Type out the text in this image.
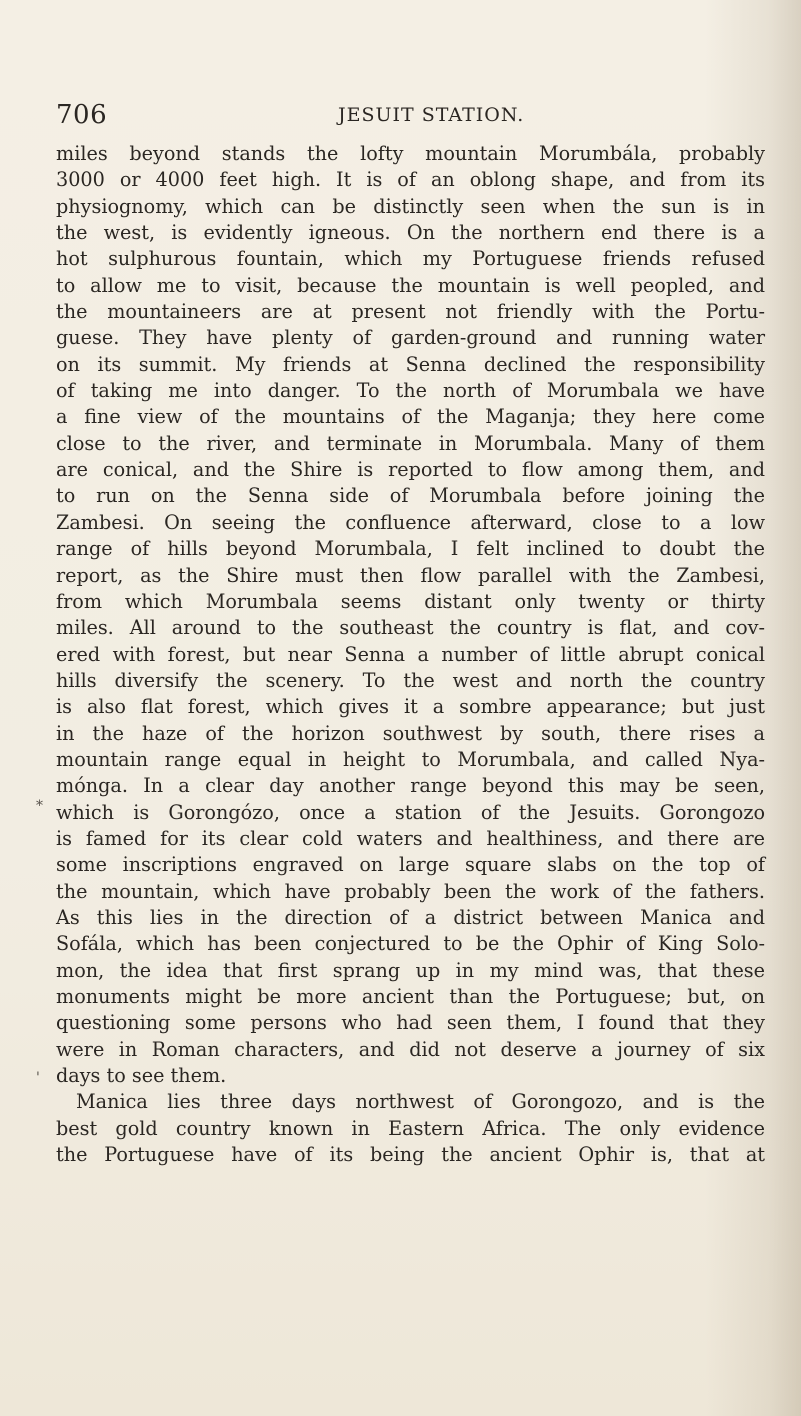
706	JESUIT STATION.
*
'
miles beyond stands the lofty mountain Morumbála, probably
3000 or 4000 feet high. It is of an oblong shape, and from its
physiognomy, which can be distinctly seen when the sun is in
the west, is evidently igneous. On the northern end there is a
hot sulphurous fountain, which my Portuguese friends refused
to allow me to visit, because the mountain is well peopled, and
the mountaineers are at present not friendly with the Portu-
guese. They have plenty of garden-ground and running water
on its summit. My friends at Senna declined the responsibility
of taking me into danger. To the north of Morumbala we have
a fine view of the mountains of the Maganja; they here come
close to the river, and terminate in Morumbala. Many of them
are conical, and the Shire is reported to flow among them, and
to run on the Senna side of Morumbala before joining the
Zambesi. On seeing the confluence afterward, close to a low
range of hills beyond Morumbala, I felt inclined to doubt the
report, as the Shire must then flow parallel with the Zambesi,
from which Morumbala seems distant only twenty or thirty
miles. All around to the southeast the country is flat, and cov-
ered with forest, but near Senna a number of little abrupt conical
hills diversify the scenery. To the west and north the country
is also flat forest, which gives it a sombre appearance; but just
in the haze of the horizon southwest by south, there rises a
mountain range equal in height to Morumbala, and called Nya-
mónga. In a clear day another range beyond this may be seen,
which is Gorongózo, once a station of the Jesuits. Gorongozo
is famed for its clear cold waters and healthiness, and there are
some inscriptions engraved on large square slabs on the top of
the mountain, which have probably been the work of the fathers.
As this lies in the direction of a district between Manica and
Sofála, which has been conjectured to be the Ophir of King Solo-
mon, the idea that first sprang up in my mind was, that these
monuments might be more ancient than the Portuguese; but, on
questioning some persons who had seen them, I found that they
were in Roman characters, and did not deserve a journey of six
days to see them.
Manica lies three days northwest of Gorongozo, and is the
best gold country known in Eastern Africa. The only evidence
the Portuguese have of its being the ancient Ophir is, that at
